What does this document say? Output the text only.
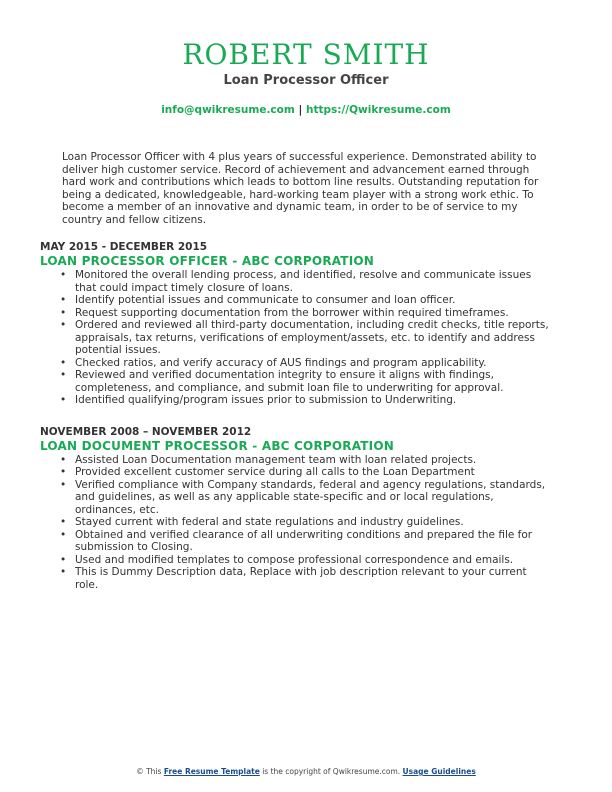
ROBERT SMITH
Loan Processor Officer
info@qwikresume.com | https://Qwikresume.com

Loan Processor Officer with 4 plus years of successful experience. Demonstrated ability to deliver high customer service. Record of achievement and advancement earned through hard work and contributions which leads to bottom line results. Outstanding reputation for being a dedicated, knowledgeable, hard-working team player with a strong work ethic. To become a member of an innovative and dynamic team, in order to be of service to my country and fellow citizens.

MAY 2015 - DECEMBER 2015
LOAN PROCESSOR OFFICER - ABC CORPORATION
• Monitored the overall lending process, and identified, resolve and communicate issues that could impact timely closure of loans.
• Identify potential issues and communicate to consumer and loan officer.
• Request supporting documentation from the borrower within required timeframes.
• Ordered and reviewed all third-party documentation, including credit checks, title reports, appraisals, tax returns, verifications of employment/assets, etc. to identify and address potential issues.
• Checked ratios, and verify accuracy of AUS findings and program applicability.
• Reviewed and verified documentation integrity to ensure it aligns with findings, completeness, and compliance, and submit loan file to underwriting for approval.
• Identified qualifying/program issues prior to submission to Underwriting.
NOVEMBER 2008 – NOVEMBER 2012
LOAN DOCUMENT PROCESSOR - ABC CORPORATION
• Assisted Loan Documentation management team with loan related projects.
• Provided excellent customer service during all calls to the Loan Department
• Verified compliance with Company standards, federal and agency regulations, standards, and guidelines, as well as any applicable state-specific and or local regulations, ordinances, etc.
• Stayed current with federal and state regulations and industry guidelines.
• Obtained and verified clearance of all underwriting conditions and prepared the file for submission to Closing.
• Used and modified templates to compose professional correspondence and emails.
• This is Dummy Description data, Replace with job description relevant to your current role.
© This Free Resume Template is the copyright of Qwikresume.com. Usage Guidelines
